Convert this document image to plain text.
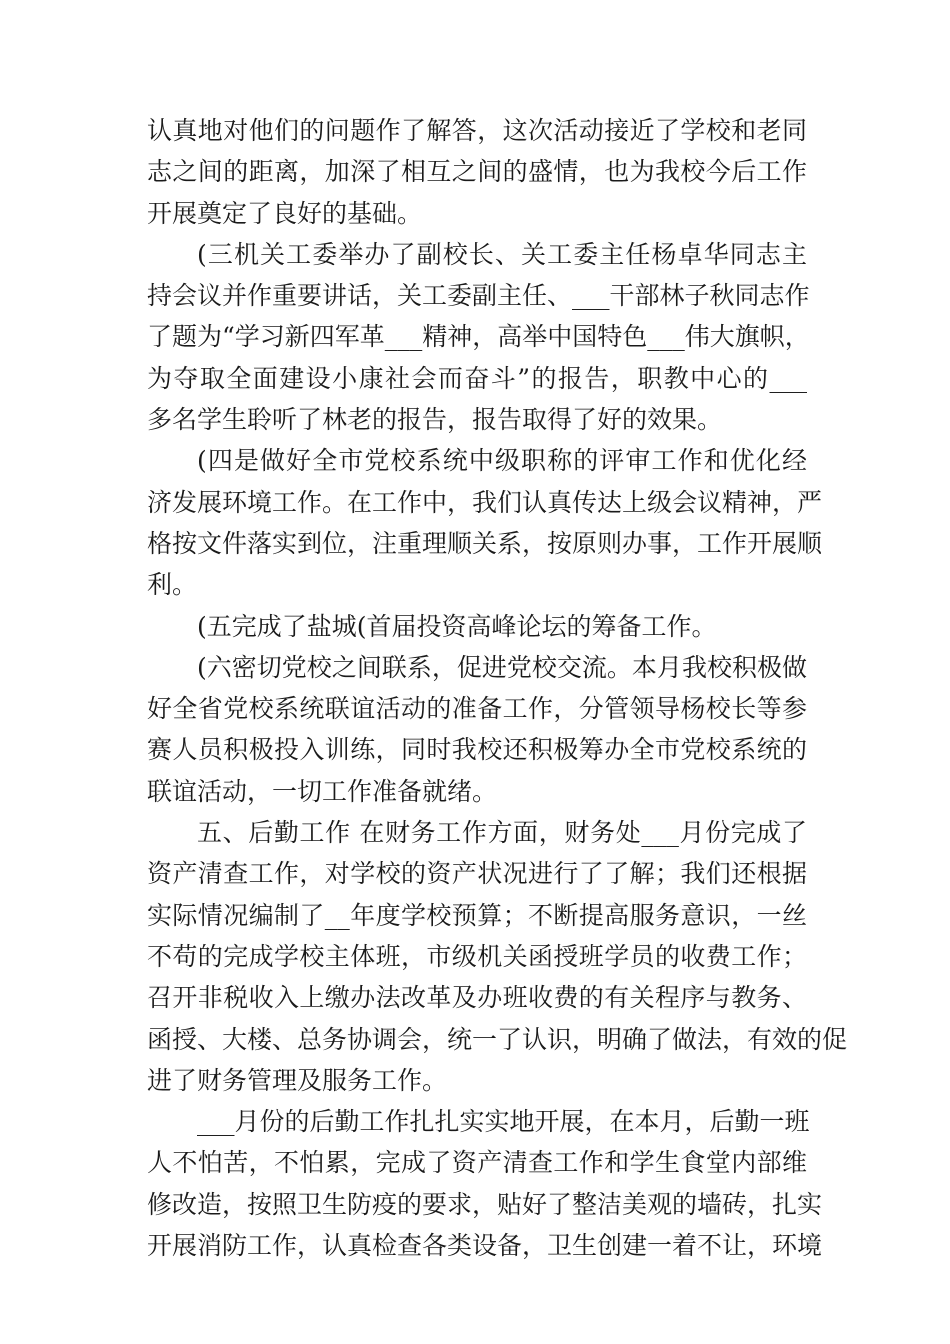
认真地对他们的问题作了解答，这次活动接近了学校和老同
志之间的距离，加深了相互之间的盛情，也为我校今后工作
开展奠定了良好的基础。
(三机关工委举办了副校长、关工委主任杨卓华同志主
持会议并作重要讲话，关工委副主任、___干部林子秋同志作
了题为“学习新四军革___精神，高举中国特色___伟大旗帜，
为夺取全面建设小康社会而奋斗”的报告，职教中心的___
多名学生聆听了林老的报告，报告取得了好的效果。
(四是做好全市党校系统中级职称的评审工作和优化经
济发展环境工作。在工作中，我们认真传达上级会议精神，严
格按文件落实到位，注重理顺关系，按原则办事，工作开展顺
利。
(五完成了盐城(首届投资高峰论坛的筹备工作。
(六密切党校之间联系，促进党校交流。本月我校积极做
好全省党校系统联谊活动的准备工作，分管领导杨校长等参
赛人员积极投入训练，同时我校还积极筹办全市党校系统的
联谊活动，一切工作准备就绪。
五、后勤工作 在财务工作方面，财务处___月份完成了
资产清查工作，对学校的资产状况进行了了解；我们还根据
实际情况编制了__年度学校预算；不断提高服务意识，一丝
不苟的完成学校主体班，市级机关函授班学员的收费工作；
召开非税收入上缴办法改革及办班收费的有关程序与教务、
函授、大楼、总务协调会，统一了认识，明确了做法，有效的促
进了财务管理及服务工作。
___月份的后勤工作扎扎实实地开展，在本月，后勤一班
人不怕苦，不怕累，完成了资产清查工作和学生食堂内部维
修改造，按照卫生防疫的要求，贴好了整洁美观的墙砖，扎实
开展消防工作，认真检查各类设备，卫生创建一着不让，环境
